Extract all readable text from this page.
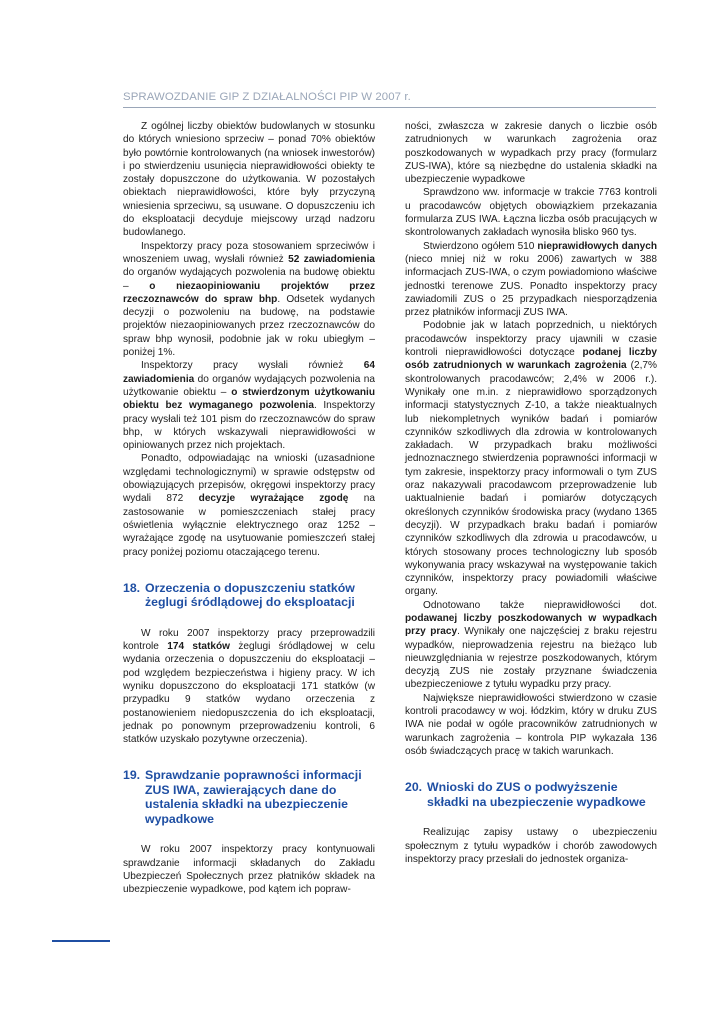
SPRAWOZDANIE GIP Z DZIAŁALNOŚCI PIP W 2007 r.

Z ogólnej liczby obiektów budowlanych w stosunku do których wniesiono sprzeciw – ponad 70% obiektów było powtórnie kontrolowanych (na wniosek inwestorów) i po stwierdzeniu usunięcia nieprawidłowości obiekty te zostały dopuszczone do użytkowania. W pozostałych obiektach nieprawidłowości, które były przyczyną wniesienia sprzeciwu, są usuwane. O dopuszczeniu ich do eksploatacji decyduje miejscowy urząd nadzoru budowlanego.

Inspektorzy pracy poza stosowaniem sprzeciwów i wnoszeniem uwag, wysłali również 52 zawiadomienia do organów wydających pozwolenia na budowę obiektu – o niezaopiniowaniu projektów przez rzeczoznawców do spraw bhp. Odsetek wydanych decyzji o pozwoleniu na budowę, na podstawie projektów niezaopiniowanych przez rzeczoznawców do spraw bhp wynosił, podobnie jak w roku ubiegłym – poniżej 1%.

Inspektorzy pracy wysłali również 64 zawiadomienia do organów wydających pozwolenia na użytkowanie obiektu – o stwierdzonym użytkowaniu obiektu bez wymaganego pozwolenia. Inspektorzy pracy wysłali też 101 pism do rzeczoznawców do spraw bhp, w których wskazywali nieprawidłowości w opiniowanych przez nich projektach.

Ponadto, odpowiadając na wnioski (uzasadnione względami technologicznymi) w sprawie odstępstw od obowiązujących przepisów, okręgowi inspektorzy pracy wydali 872 decyzje wyrażające zgodę na zastosowanie w pomieszczeniach stałej pracy oświetlenia wyłącznie elektrycznego oraz 1252 – wyrażające zgodę na usytuowanie pomieszczeń stałej pracy poniżej poziomu otaczającego terenu.

18. Orzeczenia o dopuszczeniu statków żeglugi śródlądowej do eksploatacji

W roku 2007 inspektorzy pracy przeprowadzili kontrole 174 statków żeglugi śródlądowej w celu wydania orzeczenia o dopuszczeniu do eksploatacji – pod względem bezpieczeństwa i higieny pracy. W ich wyniku dopuszczono do eksploatacji 171 statków (w przypadku 9 statków wydano orzeczenia z postanowieniem niedopuszczenia do ich eksploatacji, jednak po ponownym przeprowadzeniu kontroli, 6 statków uzyskało pozytywne orzeczenia).

19. Sprawdzanie poprawności informacji ZUS IWA, zawierających dane do ustalenia składki na ubezpieczenie wypadkowe

W roku 2007 inspektorzy pracy kontynuowali sprawdzanie informacji składanych do Zakładu Ubezpieczeń Społecznych przez płatników składek na ubezpieczenie wypadkowe, pod kątem ich popraw-

ności, zwłaszcza w zakresie danych o liczbie osób zatrudnionych w warunkach zagrożenia oraz poszkodowanych w wypadkach przy pracy (formularz ZUS-IWA), które są niezbędne do ustalenia składki na ubezpieczenie wypadkowe

Sprawdzono ww. informacje w trakcie 7763 kontroli u pracodawców objętych obowiązkiem przekazania formularza ZUS IWA. Łączna liczba osób pracujących w skontrolowanych zakładach wynosiła blisko 960 tys.

Stwierdzono ogółem 510 nieprawidłowych danych (nieco mniej niż w roku 2006) zawartych w 388 informacjach ZUS-IWA, o czym powiadomiono właściwe jednostki terenowe ZUS. Ponadto inspektorzy pracy zawiadomili ZUS o 25 przypadkach niesporządzenia przez płatników informacji ZUS IWA.

Podobnie jak w latach poprzednich, u niektórych pracodawców inspektorzy pracy ujawnili w czasie kontroli nieprawidłowości dotyczące podanej liczby osób zatrudnionych w warunkach zagrożenia (2,7% skontrolowanych pracodawców; 2,4% w 2006 r.). Wynikały one m.in. z nieprawidłowo sporządzonych informacji statystycznych Z-10, a także nieaktualnych lub niekompletnych wyników badań i pomiarów czynników szkodliwych dla zdrowia w kontrolowanych zakładach. W przypadkach braku możliwości jednoznacznego stwierdzenia poprawności informacji w tym zakresie, inspektorzy pracy informowali o tym ZUS oraz nakazywali pracodawcom przeprowadzenie lub uaktualnienie badań i pomiarów dotyczących określonych czynników środowiska pracy (wydano 1365 decyzji). W przypadkach braku badań i pomiarów czynników szkodliwych dla zdrowia u pracodawców, u których stosowany proces technologiczny lub sposób wykonywania pracy wskazywał na występowanie takich czynników, inspektorzy pracy powiadomili właściwe organy.

Odnotowano także nieprawidłowości dot. podawanej liczby poszkodowanych w wypadkach przy pracy. Wynikały one najczęściej z braku rejestru wypadków, nieprowadzenia rejestru na bieżąco lub nieuwzględniania w rejestrze poszkodowanych, którym decyzją ZUS nie zostały przyznane świadczenia ubezpieczeniowe z tytułu wypadku przy pracy.

Największe nieprawidłowości stwierdzono w czasie kontroli pracodawcy w woj. łódzkim, który w druku ZUS IWA nie podał w ogóle pracowników zatrudnionych w warunkach zagrożenia – kontrola PIP wykazała 136 osób świadczących pracę w takich warunkach.

20. Wnioski do ZUS o podwyższenie składki na ubezpieczenie wypadkowe

Realizując zapisy ustawy o ubezpieczeniu społecznym z tytułu wypadków i chorób zawodowych inspektorzy pracy przesłali do jednostek organiza-
